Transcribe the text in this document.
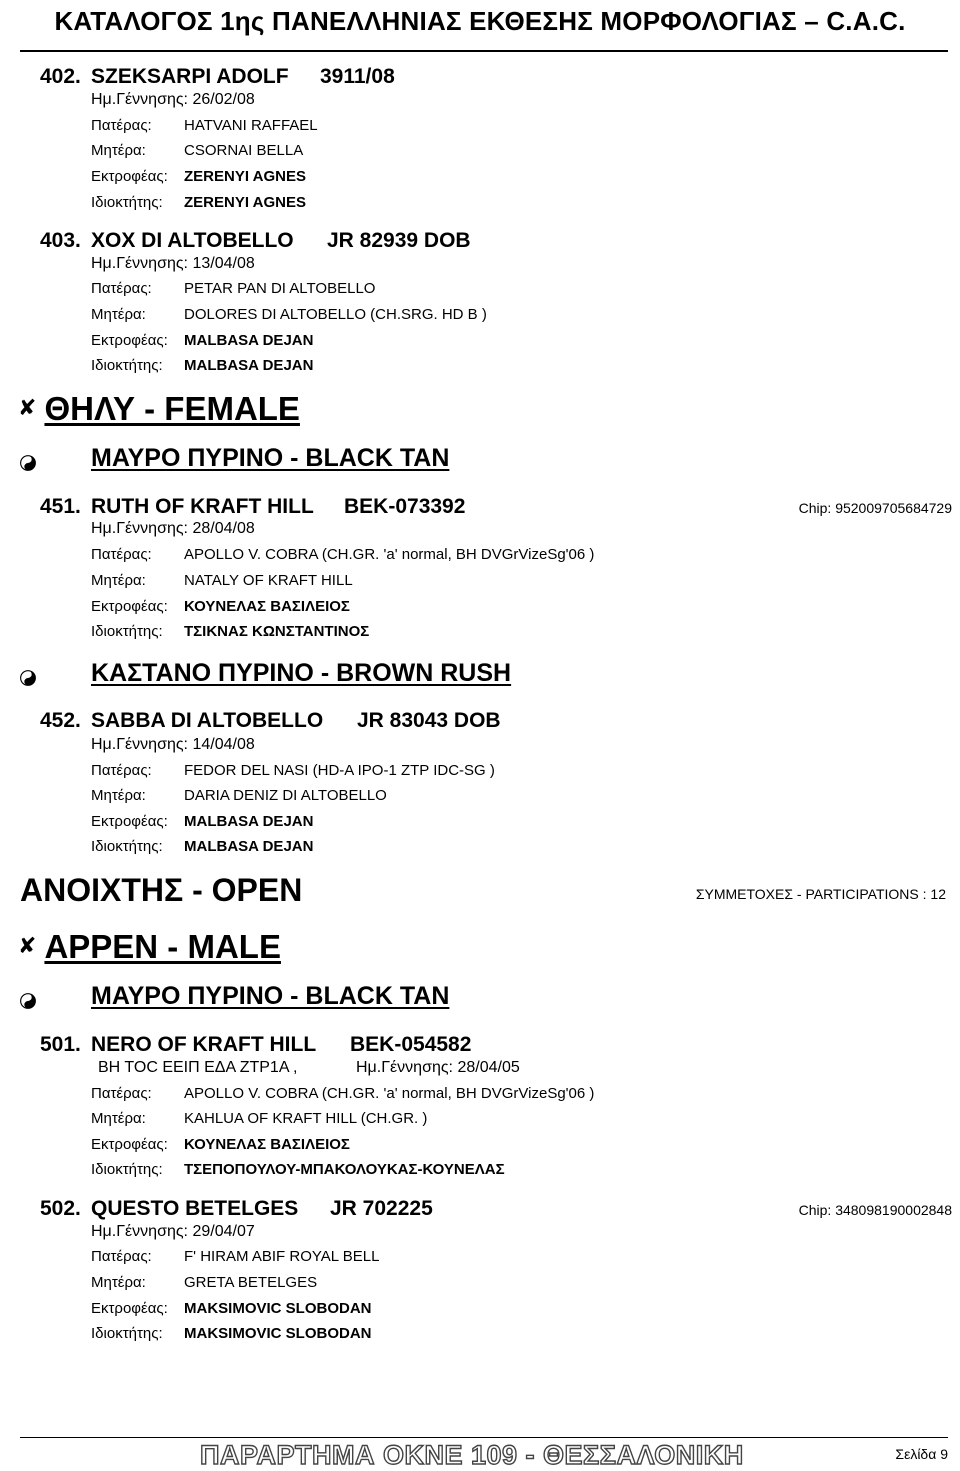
ΚΑΤΑΛΟΓΟΣ 1ης ΠΑΝΕΛΛΗΝΙΑΣ ΕΚΘΕΣΗΣ ΜΟΡΦΟΛΟΓΙΑΣ – C.A.C.
402. SZEKSARPI ADOLF 3911/08
Ημ.Γέννησης: 26/02/08
Πατέρας: HATVANI RAFFAEL
Μητέρα:	CSORNAI BELLA
Εκτροφέας: ZERENYI AGNES
Ιδιοκτήτης: ZERENYI AGNES
403. XOX DI ALTOBELLO JR 82939 DOB
Ημ.Γέννησης: 13/04/08
Πατέρας: PETAR PAN DI ALTOBELLO
Μητέρα:	DOLORES DI ALTOBELLO (CH.SRG. HD B )
Εκτροφέας: MALBASA DEJAN
Ιδιοκτήτης: MALBASA DEJAN
✘ ΘΗΛΥ - FEMALE
ΜΑΥΡΟ ΠΥΡΙΝΟ - BLACK TAN
451. RUTH OF KRAFT HILL BEK-073392	Chip: 952009705684729
Ημ.Γέννησης: 28/04/08
Πατέρας: APOLLO V. COBRA (CH.GR. 'a' normal, BH DVGrVizeSg'06 )
Μητέρα:	NATALY OF KRAFT HILL
Εκτροφέας: ΚΟΥΝΕΛΑΣ ΒΑΣΙΛΕΙΟΣ
Ιδιοκτήτης: ΤΣΙΚΝΑΣ ΚΩΝΣΤΑΝΤΙΝΟΣ
ΚΑΣΤΑΝΟ ΠΥΡΙΝΟ - BROWN RUSH
452. SABBA DI ALTOBELLO JR 83043 DOB
Ημ.Γέννησης: 14/04/08
Πατέρας: FEDOR DEL NASI (HD-A IPO-1 ZTP IDC-SG )
Μητέρα:	DARIA DENIZ DI ALTOBELLO
Εκτροφέας: MALBASA DEJAN
Ιδιοκτήτης: MALBASA DEJAN
ΑΝΟΙΧΤΗΣ - OPEN	ΣΥΜΜΕΤΟΧΕΣ - PARTICIPATIONS : 12
✘ ΑΡΡΕΝ - MALE
ΜΑΥΡΟ ΠΥΡΙΝΟ - BLACK TAN
501. NERO OF KRAFT HILL BEK-054582
BH TOC ΕΕΙΠ ΕΔΑ ZTP1A ,	Ημ.Γέννησης: 28/04/05
Πατέρας: APOLLO V. COBRA (CH.GR. 'a' normal, BH DVGrVizeSg'06 )
Μητέρα:	KAHLUA OF KRAFT HILL (CH.GR. )
Εκτροφέας: ΚΟΥΝΕΛΑΣ ΒΑΣΙΛΕΙΟΣ
Ιδιοκτήτης: ΤΣΕΠΟΠΟΥΛΟΥ-ΜΠΑΚΟΛΟΥΚΑΣ-ΚΟΥΝΕΛΑΣ
502. QUESTO BETELGES JR 702225	Chip: 348098190002848
Ημ.Γέννησης: 29/04/07
Πατέρας: F' HIRAM ABIF ROYAL BELL
Μητέρα:	GRETA BETELGES
Εκτροφέας: MAKSIMOVIC SLOBODAN
Ιδιοκτήτης: MAKSIMOVIC SLOBODAN
ΠΑΡΑΡΤΗΜΑ ΟΚΝΕ 109 - ΘΕΣΣΑΛΟΝΙΚΗ	Σελίδα 9
